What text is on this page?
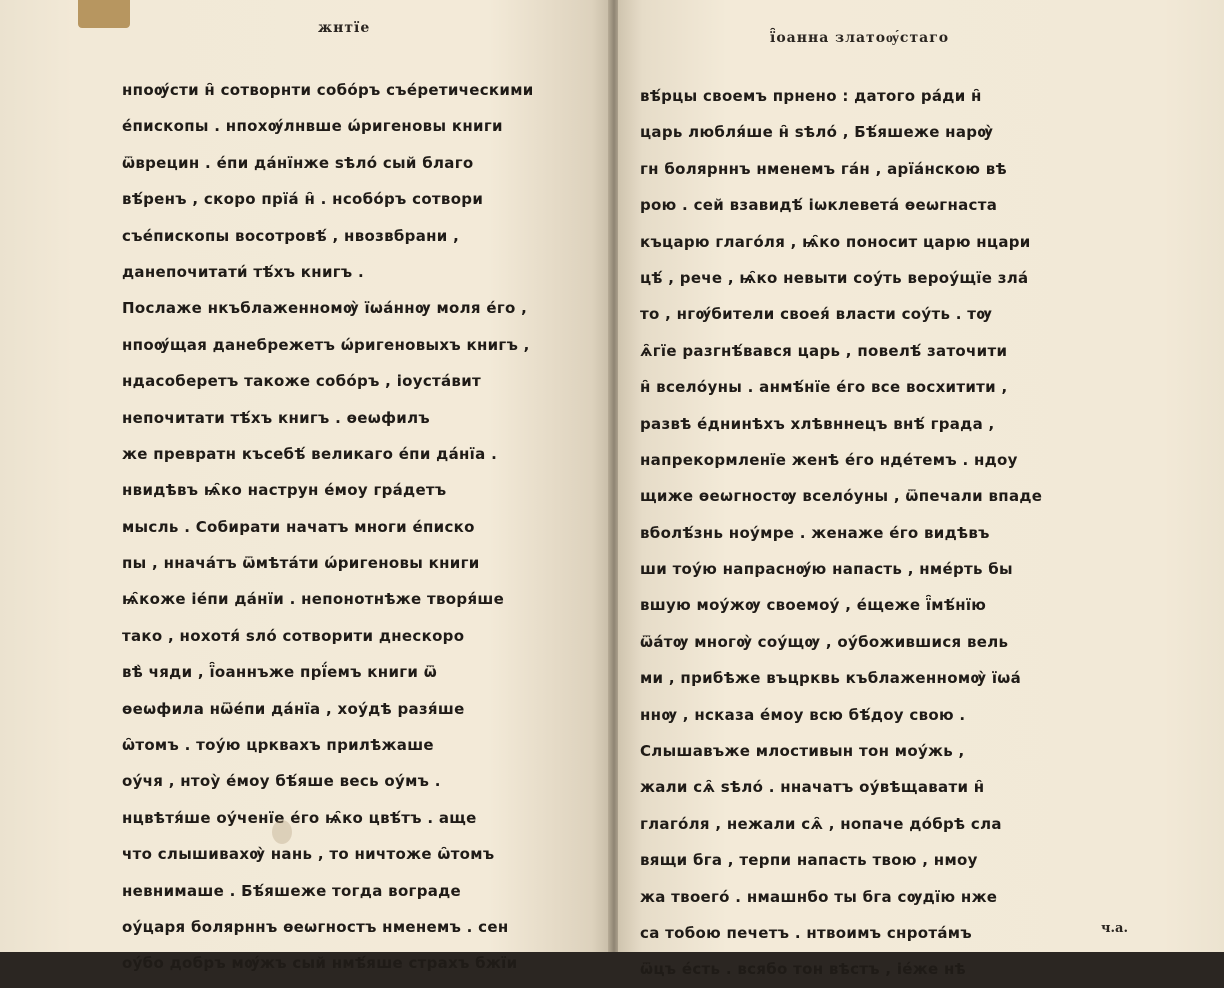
жнтїе
нпоѹ́сти н̑ сотворнти собо́ръ съе́ретическими
е́пископы . нпохѹ́лнвше ѡ́ригеновы книги
ѿврецин . е́пи да́нїнже ѕѣло́ сый благо
вѣ́ренъ , скоро прїа́ н̑ . нсобо́ръ сотвори
съе́пископы восотровѣ́ , нвозвбрани ,
данепочитати́ тѣ́хъ книгъ .
Послаже нкъблаженномѹ̀ їѡа́ннѹ моля е́го ,
нпоѹ́щая данебрежетъ ѡ́ригеновыхъ книгъ ,
ндасоберетъ такоже собо́ръ , іоуста́вит
непочитати тѣ́хъ книгъ . ѳеѡфилъ
же превратн късебѣ́ великаго е́пи да́нїа .
нвидѣвъ ѩ̑ко наструн е́моу гра́детъ
мысль . Собирати начатъ многи е́писко
пы , ннача́тъ ѿмѣта́ти ѡ́ригеновы книги
ѩ̑коже іе́пи да́нїи . непонотнѣже творя́ше
тако , нохотя́ ѕло́ сотворити днескоро
вѣ̀ чяди , ї̑оаннъже прї́емъ книги ѿ
ѳеѡфила нѿе́пи да́нїа , хоу́дѣ разя́ше
ѡ̑томъ . тоу́ю црквахъ прилѣжаше
оу́чя , нтоу̀ е́моу бѣ́яше весь оу́мъ .
нцвѣтя́ше оу́ченїе е́го ѩ̑ко цвѣ́тъ . аще
что слышивахѹ̀ нань , то ничтоже ѡ̑томъ
невнимаше . Бѣ́яшеже тогда вограде
оу́царя болярннъ ѳеѡгностъ нменемъ . сен
оу́бо добръ мѹ́жъ сый нмѣ́яше страхъ бжїи
ї̑оанна златоѹ́стаго
вѣ́рцы своемъ прнено : датого ра́ди н̑
царь любля́ше н̑ ѕѣло́ , Бѣ́яшеже нарѹ̀
гн болярннъ нменемъ га́н , арїа́нскою вѣ
рою . сей взавидѣ́ іѡклевета́ ѳеѡгнаста
къцарю глаго́ля , ѩ̑ко поносит царю нцари
цѣ́ , рече , ѩ̑ко невыти соу́ть вероу́щїе зла́
то , нгѹ́бители своея́ власти соу́ть . тѹ
ѧ̑гїе разгнѣ́вався царь , повелѣ́ заточити
н̑ всело́уны . анмѣ́нїе е́го все восхитити ,
развѣ е́днинѣхъ хлѣвннецъ внѣ́ града ,
напрекормленїе женѣ е́го нде́темъ . ндоу
щиже ѳеѡгностѹ всело́уны , ѿпечали впаде
вболѣ́знь ноу́мре . женаже е́го видѣвъ
ши тоу́ю напраснѹ́ю напасть , нме́рть бы
вшую моу́жѹ своемоу́ , е́щеже ї̑мѣ́нїю
ѿа́тѹ многѹ̀ соу́щѹ , оу́божившися вель
ми , прибѣже въцрквь къблаженномѹ̀ їѡа́
ннѹ , нсказа е́моу всю бѣ́доу свою .
Слышавъже млостивын тон моу́жь ,
жали сѧ̑ ѕѣло́ . нначатъ оу́вѣщавати н̑
глаго́ля , нежали сѧ̑ , нопаче до́брѣ сла
вящи бга , терпи напасть твою , нмоу
жа твоего́ . нмашнбо ты бга сѹдїю нже
са тобою печетъ . нтвоимъ снрота́мъ
ѿцъ е́сть . всябо тон вѣстъ , іе́же нѣ
ч.а.
